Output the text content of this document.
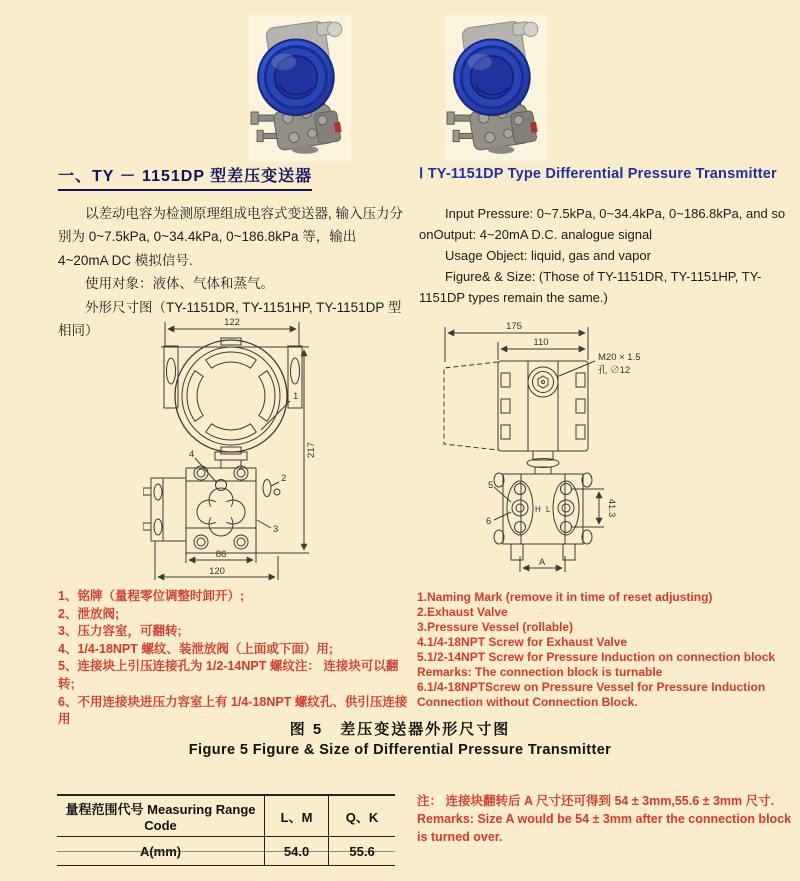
一、TY － 1151DP 型差压变送器	Ⅰ TY-1151DP Type Differential Pressure Transmitter

以差动电容为检测原理组成电容式变送器, 输入压力分别为 0~7.5kPa, 0~34.4kPa, 0~186.8kPa 等，输出 4~20mA DC 模拟信号.

使用对象：液体、气体和蒸气。

外形尺寸图（TY-1151DR, TY-1151HP, TY-1151DP 型相同）

Input Pressure: 0~7.5kPa, 0~34.4kPa, 0~186.8kPa, and so onOutput: 4~20mA D.C. analogue signal

Usage Object: liquid, gas and vapor

Figure& & Size: (Those of TY-1151DR, TY-1151HP, TY-1151DP types remain the same.)

122
217
86
120
1
2
3
4
175
110
M20 × 1.5
孔 ∅12
41.3
A
H L
5
6
1、铭牌（量程零位调整时卸开）;
2、泄放阀;
3、压力容室，可翻转;
4、1/4-18NPT 螺纹、装泄放阀（上面或下面）用;
5、连接块上引压连接孔为 1/2-14NPT 螺纹注： 连接块可以翻转;
6、不用连接块进压力容室上有 1/4-18NPT 螺纹孔、供引压连接用
1.Naming Mark (remove it in time of reset adjusting)
2.Exhaust Valve
3.Pressure Vessel (rollable)
4.1/4-18NPT Screw for Exhaust Valve
5.1/2-14NPT Screw for Pressure Induction on connection block
Remarks: The connection block is turnable
6.1/4-18NPTScrew on Pressure Vessel for Pressure Induction Connection without Connection Block.
图 5　差压变送器外形尺寸图
Figure 5 Figure & Size of Differential Pressure Transmitter
量程范围代号 Measuring Range Code	L、M	Q、K
A(mm)	54.0	55.6

注： 连接块翻转后 A 尺寸还可得到 54 ± 3mm,55.6 ± 3mm 尺寸.

Remarks: Size A would be 54 ± 3mm after the connection block is turned over.
